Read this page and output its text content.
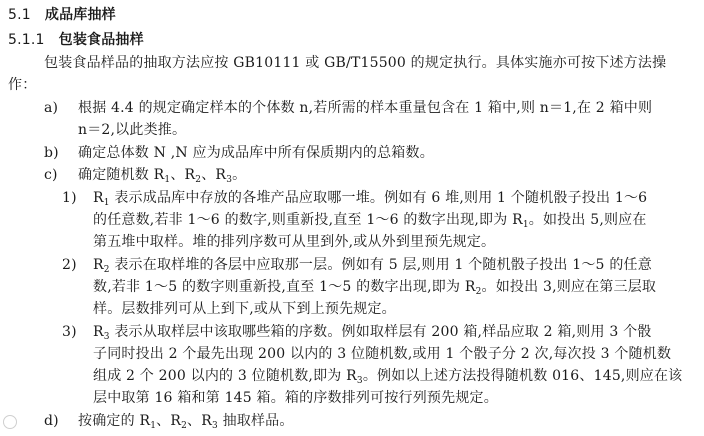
5.1 成品库抽样
5.1.1 包装食品抽样
包装食品样品的抽取方法应按 GB10111 或 GB/T15500 的规定执行。具体实施亦可按下述方法操
作：
a) 根据 4.4 的规定确定样本的个体数 n,若所需的样本重量包含在 1 箱中,则 n＝1,在 2 箱中则
n＝2,以此类推。
b) 确定总体数 N ,N 应为成品库中所有保质期内的总箱数。
c) 确定随机数 $R_1$、$R_2$、$R_3$。
1) $R_1$ 表示成品库中存放的各堆产品应取哪一堆。例如有 6 堆,则用 1 个随机骰子投出 1～6
的任意数,若非 1～6 的数字,则重新投,直至 1～6 的数字出现,即为 $R_1$。如投出 5,则应在
第五堆中取样。堆的排列序数可从里到外,或从外到里预先规定。
2) $R_2$ 表示在取样堆的各层中应取那一层。例如有 5 层,则用 1 个随机骰子投出 1～5 的任意
数,若非 1～5 的数字则重新投,直至 1～5 的数字出现,即为 $R_2$。如投出 3,则应在第三层取
样。层数排列可从上到下,或从下到上预先规定。
3) $R_3$ 表示从取样层中该取哪些箱的序数。例如取样层有 200 箱,样品应取 2 箱,则用 3 个骰
子同时投出 2 个最先出现 200 以内的 3 位随机数,或用 1 个骰子分 2 次,每次投 3 个随机数
组成 2 个 200 以内的 3 位随机数,即为 $R_3$。例如以上述方法投得随机数 016、145,则应在该
层中取第 16 箱和第 145 箱。箱的序数排列可按行列预先规定。
d) 按确定的 $R_1$、$R_2$、$R_3$ 抽取样品。
